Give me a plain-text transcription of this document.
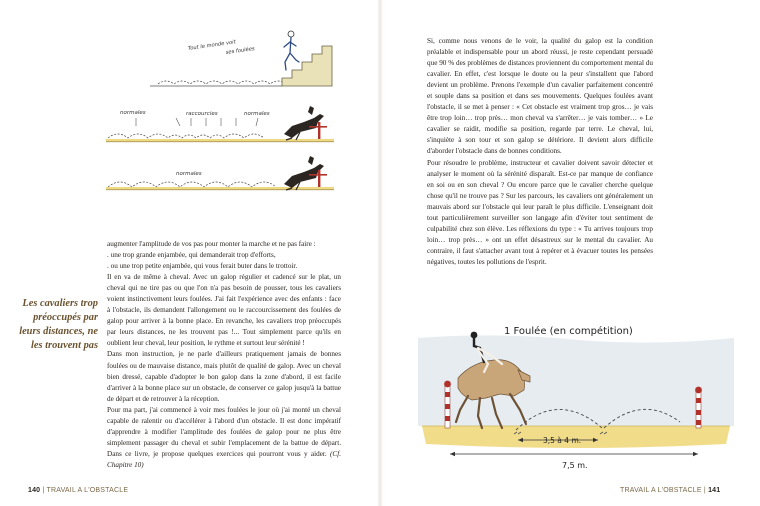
Tout le monde voit
ses foulées
normales	raccourcies	normales
normales
Les cavaliers trop préoccupés par leurs distances, ne les trouvent pas

augmenter l'amplitude de vos pas pour monter la marche et ne pas faire :

. une trop grande enjambée, qui demanderait trop d'efforts,

. ou une trop petite enjambée, qui vous ferait buter dans le trottoir.

Il en va de même à cheval. Avec un galop régulier et cadencé sur le plat, un cheval qui ne tire pas ou que l'on n'a pas besoin de pousser, tous les cavaliers voient instinctivement leurs foulées. J'ai fait l'expérience avec des enfants : face à l'obstacle, ils demandent l'allongement ou le raccourcissement des foulées de galop pour arriver à la bonne place. En revanche, les cavaliers trop préoccupés par leurs distances, ne les trouvent pas !... Tout simplement parce qu'ils en oublient leur cheval, leur position, le rythme et surtout leur sérénité !

Dans mon instruction, je ne parle d'ailleurs pratiquement jamais de bonnes foulées ou de mauvaise distance, mais plutôt de qualité de galop. Avec un cheval bien dressé, capable d'adopter le bon galop dans la zone d'abord, il est facile d'arriver à la bonne place sur un obstacle, de conserver ce galop jusqu'à la battue de départ et de retrouver à la réception.

Pour ma part, j'ai commencé à voir mes foulées le jour où j'ai monté un cheval capable de ralentir ou d'accélérer à l'abord d'un obstacle. Il est donc impératif d'apprendre à modifier l'amplitude des foulées de galop pour ne plus être simplement passager du cheval et subir l'emplacement de la battue de départ. Dans ce livre, je propose quelques exercices qui pourront vous y aider. (Cf. Chapitre 10)

140 | TRAVAIL A L'OBSTACLE

Si, comme nous venons de le voir, la qualité du galop est la condition préalable et indispensable pour un abord réussi, je reste cependant persuadé que 90 % des problèmes de distances proviennent du comportement mental du cavalier. En effet, c'est lorsque le doute ou la peur s'installent que l'abord devient un problème. Prenons l'exemple d'un cavalier parfaitement concentré et souple dans sa position et dans ses mouvements. Quelques foulées avant l'obstacle, il se met à penser : « Cet obstacle est vraiment trop gros… je vais être trop loin… trop près… mon cheval va s'arrêter… je vais tomber… » Le cavalier se raidit, modifie sa position, regarde par terre. Le cheval, lui, s'inquiète à son tour et son galop se détériore. Il devient alors difficile d'aborder l'obstacle dans de bonnes conditions.

Pour résoudre le problème, instructeur et cavalier doivent savoir détecter et analyser le moment où la sérénité disparaît. Est-ce par manque de confiance en soi ou en son cheval ? Ou encore parce que le cavalier cherche quelque chose qu'il ne trouve pas ? Sur les parcours, les cavaliers ont généralement un mauvais abord sur l'obstacle qui leur paraît le plus difficile. L'enseignant doit tout particulièrement surveiller son langage afin d'éviter tout sentiment de culpabilité chez son élève. Les réflexions du type : « Tu arrives toujours trop loin… trop près… » ont un effet désastreux sur le mental du cavalier. Au contraire, il faut s'attacher avant tout à repérer et à évacuer toutes les pensées négatives, toutes les pollutions de l'esprit.

1 Foulée (en compétition)
3,5 à 4 m.
7,5 m.
TRAVAIL A L'OBSTACLE | 141
